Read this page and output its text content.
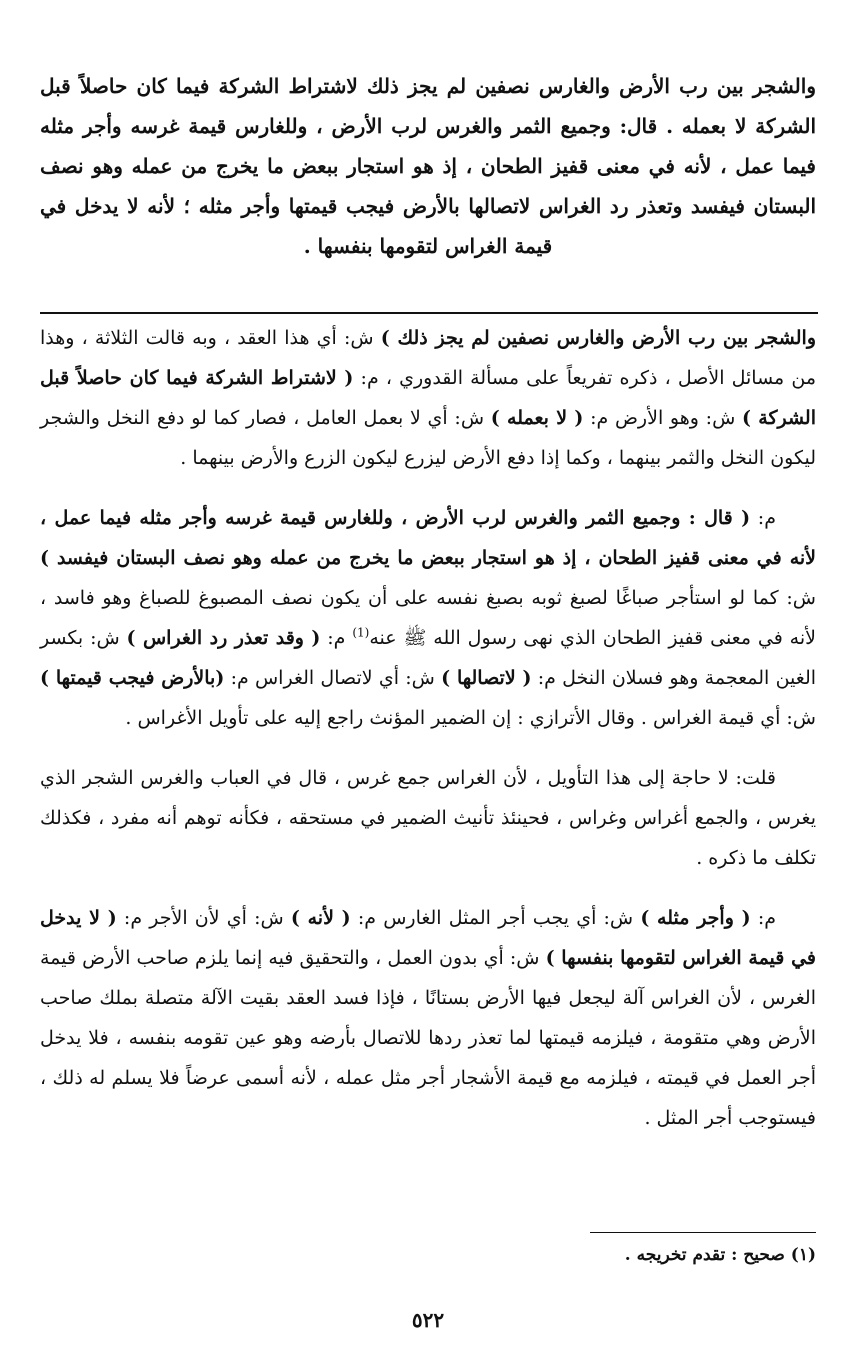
والشجر بين رب الأرض والغارس نصفين لم يجز ذلك لاشتراط الشركة فيما كان حاصلاً قبل الشركة لا بعمله . قال: وجميع الثمر والغرس لرب الأرض ، وللغارس قيمة غرسه وأجر مثله فيما عمل ، لأنه في معنى قفيز الطحان ، إذ هو استجار ببعض ما يخرج من عمله وهو نصف البستان فيفسد وتعذر رد الغراس لاتصالها بالأرض فيجب قيمتها وأجر مثله ؛ لأنه لا يدخل في قيمة الغراس لتقومها بنفسها .

والشجر بين رب الأرض والغارس نصفين لم يجز ذلك ) ش: أي هذا العقد ، وبه قالت الثلاثة ، وهذا من مسائل الأصل ، ذكره تفريعاً على مسألة القدوري ، م: ( لاشتراط الشركة فيما كان حاصلاً قبل الشركة ) ش: وهو الأرض م: ( لا بعمله ) ش: أي لا بعمل العامل ، فصار كما لو دفع النخل والشجر ليكون النخل والثمر بينهما ، وكما إذا دفع الأرض ليزرع ليكون الزرع والأرض بينهما .

م: ( قال : وجميع الثمر والغرس لرب الأرض ، وللغارس قيمة غرسه وأجر مثله فيما عمل ، لأنه في معنى قفيز الطحان ، إذ هو استجار ببعض ما يخرج من عمله وهو نصف البستان فيفسد ) ش: كما لو استأجر صباغًا لصبغ ثوبه بصبغ نفسه على أن يكون نصف المصبوغ للصباغ وهو فاسد ، لأنه في معنى قفيز الطحان الذي نهى رسول الله ﷺ عنه$^{(1)}$ م: ( وقد تعذر رد الغراس ) ش: بكسر الغين المعجمة وهو فسلان النخل م: ( لاتصالها ) ش: أي لاتصال الغراس م: (بالأرض فيجب قيمتها ) ش: أي قيمة الغراس . وقال الأترازي : إن الضمير المؤنث راجع إليه على تأويل الأغراس .

قلت: لا حاجة إلى هذا التأويل ، لأن الغراس جمع غرس ، قال في العباب والغرس الشجر الذي يغرس ، والجمع أغراس وغراس ، فحينئذ تأنيث الضمير في مستحقه ، فكأنه توهم أنه مفرد ، فكذلك تكلف ما ذكره .

م: ( وأجر مثله ) ش: أي يجب أجر المثل الغارس م: ( لأنه ) ش: أي لأن الأجر م: ( لا يدخل في قيمة الغراس لتقومها بنفسها ) ش: أي بدون العمل ، والتحقيق فيه إنما يلزم صاحب الأرض قيمة الغرس ، لأن الغراس آلة ليجعل فيها الأرض بستانًا ، فإذا فسد العقد بقيت الآلة متصلة بملك صاحب الأرض وهي متقومة ، فيلزمه قيمتها لما تعذر ردها للاتصال بأرضه وهو عين تقومه بنفسه ، فلا يدخل أجر العمل في قيمته ، فيلزمه مع قيمة الأشجار أجر مثل عمله ، لأنه أسمى عرضاً فلا يسلم له ذلك ، فيستوجب أجر المثل .

(١) صحيح : تقدم تخريجه .
٥٢٢
